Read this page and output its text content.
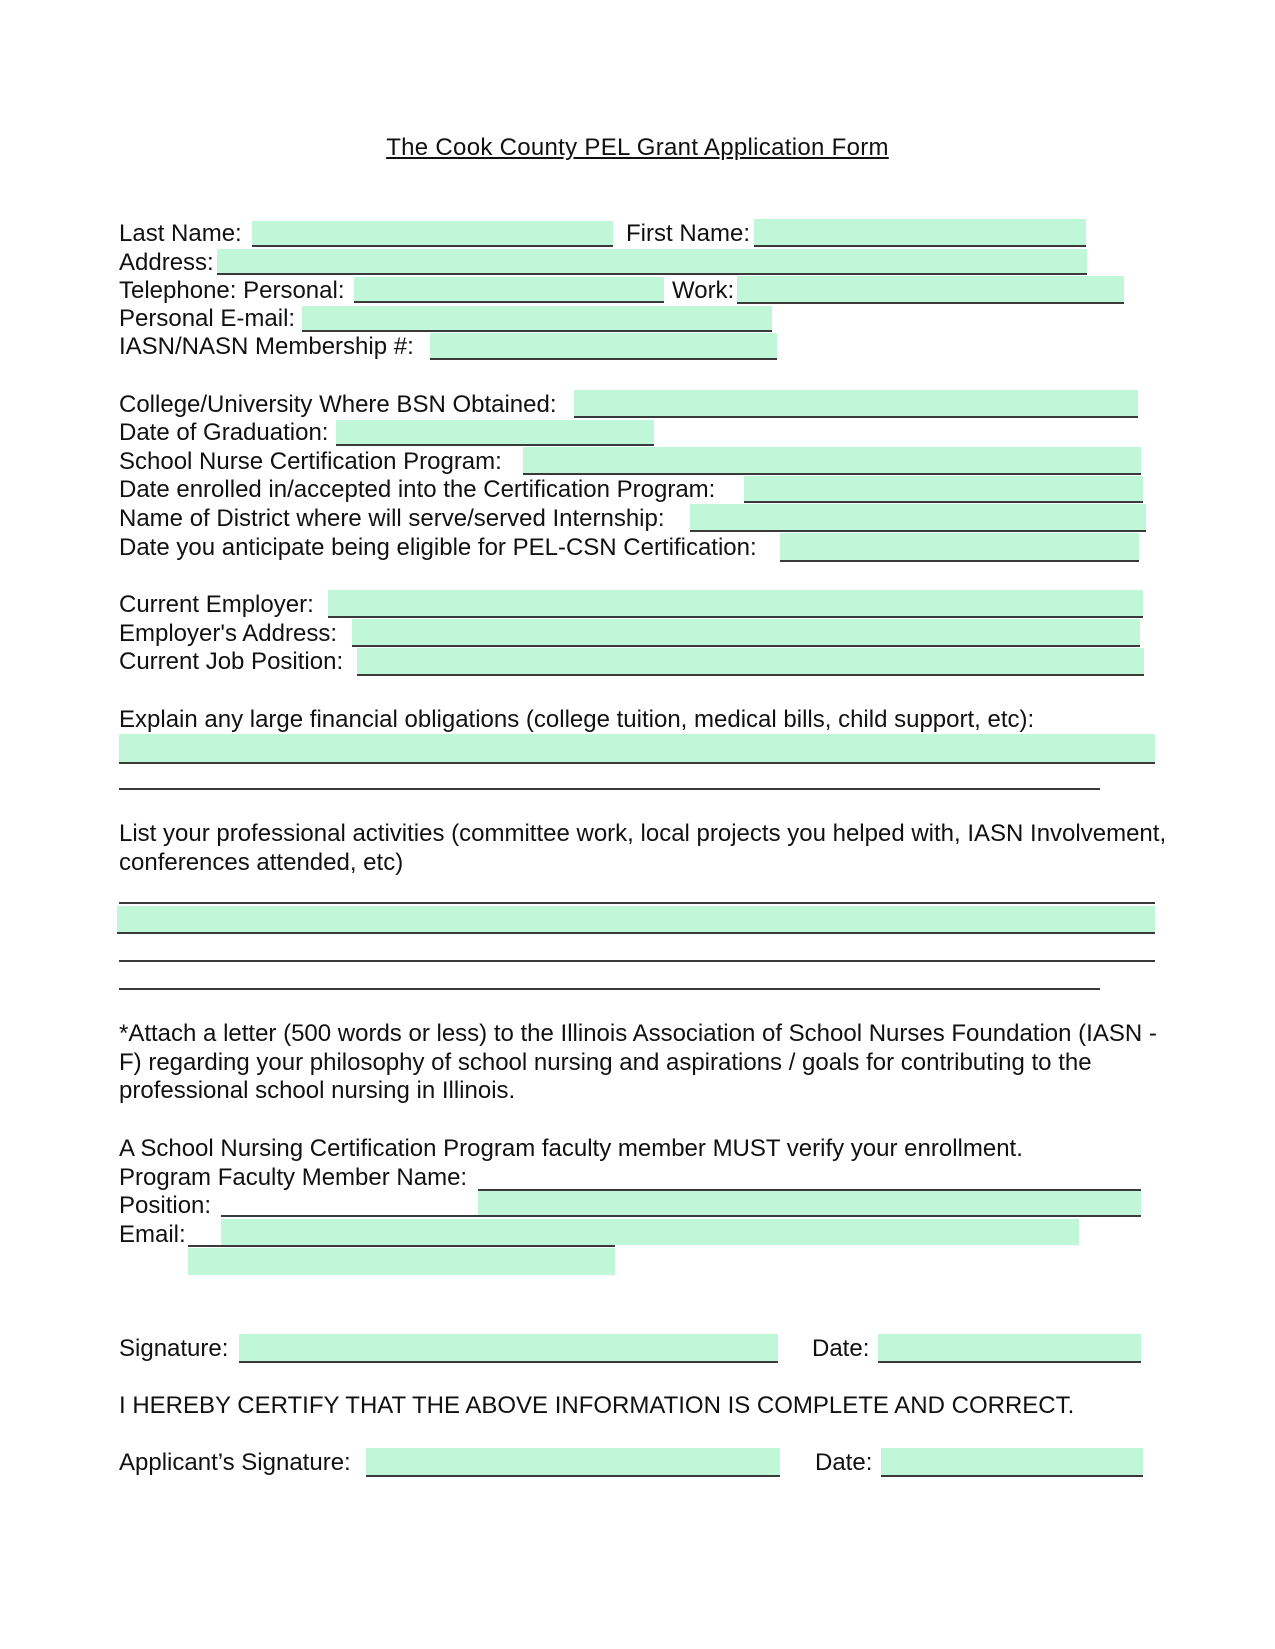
The Cook County PEL Grant Application Form
Last Name:	First Name:
Address:
Telephone: Personal:	Work:
Personal E-mail:
IASN/NASN Membership #:
College/University Where BSN Obtained:
Date of Graduation:
School Nurse Certification Program:
Date enrolled in/accepted into the Certification Program:
Name of District where will serve/served Internship:
Date you anticipate being eligible for PEL-CSN Certification:
Current Employer:
Employer's Address:
Current Job Position:
Explain any large financial obligations (college tuition, medical bills, child support, etc):
List your professional activities (committee work, local projects you helped with, IASN Involvement, conferences attended, etc)
*Attach a letter (500 words or less) to the Illinois Association of School Nurses Foundation (IASN - F) regarding your philosophy of school nursing and aspirations / goals for contributing to the professional school nursing in Illinois.
A School Nursing Certification Program faculty member MUST verify your enrollment.
Program Faculty Member Name:
Position:
Email:
Signature:	Date:
I HEREBY CERTIFY THAT THE ABOVE INFORMATION IS COMPLETE AND CORRECT.
Applicant’s Signature:	Date:
